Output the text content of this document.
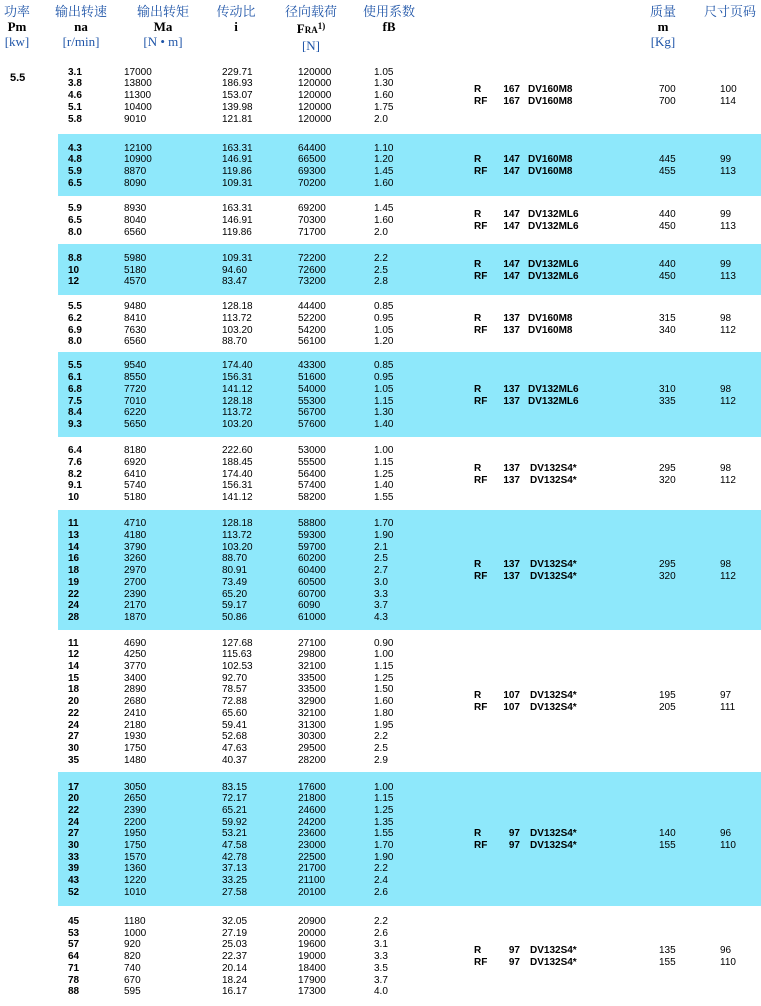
功率
Pm
[kw]
输出转速
na
[r/min]
输出转矩
Ma
[N • m]
传动比
i
径向载荷
FRA$^{1)}$
[N]
使用系数
fB
质量
m
[Kg]
尺寸页码
5.5	3.1
3.8
4.6
5.1
5.8
17000
13800
11300
10400
9010
229.71
186.93
153.07
139.98
121.81
120000
120000
120000
120000
120000
1.05
1.30
1.60
1.75
2.0
R
RF
167
167
DV160M8
DV160M8
700
700
100
114
4.3
4.8
5.9
6.5
12100
10900
8870
8090
163.31
146.91
119.86
109.31
64400
66500
69300
70200
1.10
1.20
1.45
1.60
R
RF
147
147
DV160M8
DV160M8
445
455
99
113
5.9
6.5
8.0
8930
8040
6560
163.31
146.91
119.86
69200
70300
71700
1.45
1.60
2.0
R
RF
147
147
DV132ML6
DV132ML6
440
450
99
113
8.8
10
12
5980
5180
4570
109.31
94.60
83.47
72200
72600
73200
2.2
2.5
2.8
R
RF
147
147
DV132ML6
DV132ML6
440
450
99
113
5.5
6.2
6.9
8.0
9480
8410
7630
6560
128.18
113.72
103.20
88.70
44400
52200
54200
56100
0.85
0.95
1.05
1.20
R
RF
137
137
DV160M8
DV160M8
315
340
98
112
5.5
6.1
6.8
7.5
8.4
9.3
9540
8550
7720
7010
6220
5650
174.40
156.31
141.12
128.18
113.72
103.20
43300
51600
54000
55300
56700
57600
0.85
0.95
1.05
1.15
1.30
1.40
R
RF
137
137
DV132ML6
DV132ML6
310
335
98
112
6.4
7.6
8.2
9.1
10
8180
6920
6410
5740
5180
222.60
188.45
174.40
156.31
141.12
53000
55500
56400
57400
58200
1.00
1.15
1.25
1.40
1.55
R
RF
137
137
DV132S4*
DV132S4*
295
320
98
112
11
13
14
16
18
19
22
24
28
4710
4180
3790
3260
2970
2700
2390
2170
1870
128.18
113.72
103.20
88.70
80.91
73.49
65.20
59.17
50.86
58800
59300
59700
60200
60400
60500
60700
6090
61000
1.70
1.90
2.1
2.5
2.7
3.0
3.3
3.7
4.3
R
RF
137
137
DV132S4*
DV132S4*
295
320
98
112
11
12
14
15
18
20
22
24
27
30
35
4690
4250
3770
3400
2890
2680
2410
2180
1930
1750
1480
127.68
115.63
102.53
92.70
78.57
72.88
65.60
59.41
52.68
47.63
40.37
27100
29800
32100
33500
33500
32900
32100
31300
30300
29500
28200
0.90
1.00
1.15
1.25
1.50
1.60
1.80
1.95
2.2
2.5
2.9
R
RF
107
107
DV132S4*
DV132S4*
195
205
97
111
17
20
22
24
27
30
33
39
43
52
3050
2650
2390
2200
1950
1750
1570
1360
1220
1010
83.15
72.17
65.21
59.92
53.21
47.58
42.78
37.13
33.25
27.58
17600
21800
24600
24200
23600
23000
22500
21700
21100
20100
1.00
1.15
1.25
1.35
1.55
1.70
1.90
2.2
2.4
2.6
R
RF
97
97
DV132S4*
DV132S4*
140
155
96
110
45
53
57
64
71
78
88
1180
1000
920
820
740
670
595
32.05
27.19
25.03
22.37
20.14
18.24
16.17
20900
20000
19600
19000
18400
17900
17300
2.2
2.6
3.1
3.3
3.5
3.7
4.0
R
RF
97
97
DV132S4*
DV132S4*
135
155
96
110
